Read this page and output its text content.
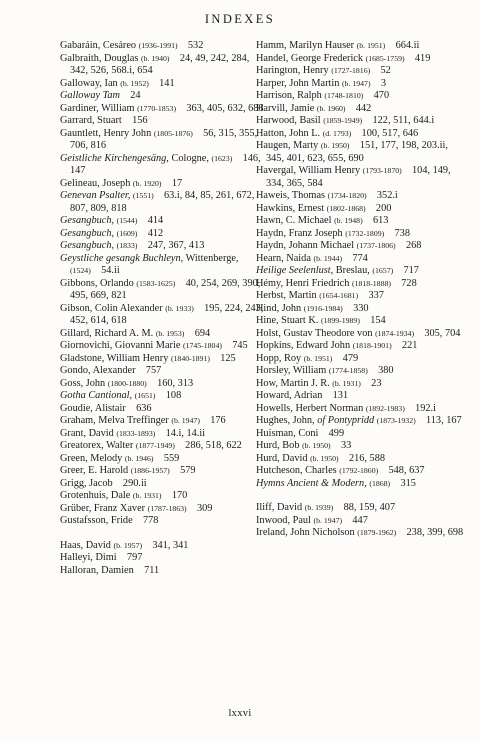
INDEXES

Gabaráin, Cesáreo (1936-1991)  532

Galbraith, Douglas (b. 1940)  24, 49, 242, 284, 342, 526, 568.i, 654

Galloway, Ian (b. 1952)  141

Galloway Tam  24

Gardiner, William (1770-1853)  363, 405, 632, 688

Garrard, Stuart  156

Gauntlett, Henry John (1805-1876)  56, 315, 355, 706, 816

Geistliche Kirchengesäng, Cologne, (1623)  146, 147

Gelineau, Joseph (b. 1920)  17

Genevan Psalter, (1551)  63.i, 84, 85, 261, 672, 807, 809, 818

Gesangbuch, (1544)  414

Gesangbuch, (1609)  412

Gesangbuch, (1833)  247, 367, 413

Geystliche gesangk Buchleyn, Wittenberge, (1524)  54.ii

Gibbons, Orlando (1583-1625)  40, 254, 269, 390, 495, 669, 821

Gibson, Colin Alexander (b. 1933)  195, 224, 243, 452, 614, 618

Gillard, Richard A. M. (b. 1953)  694

Giornovichi, Giovanni Marie (1745-1804)  745

Gladstone, William Henry (1840-1891)  125

Gondo, Alexander  757

Goss, John (1800-1880)  160, 313

Gotha Cantional, (1651)  108

Goudie, Alistair  636

Graham, Melva Treffinger (b. 1947)  176

Grant, David (1833-1893)  14.i, 14.ii

Greatorex, Walter (1877-1949)  286, 518, 622

Green, Melody (b. 1946)  559

Greer, E. Harold (1886-1957)  579

Grigg, Jacob  290.ii

Grotenhuis, Dale (b. 1931)  170

Grüber, Franz Xaver (1787-1863)  309

Gustafsson, Fride  778

Haas, David (b. 1957)  341, 341

Halleyi, Dimi  797

Halloran, Damien  711

Hamm, Marilyn Hauser (b. 1951)  664.ii

Handel, George Frederick (1685-1759)  419

Harington, Henry (1727-1816)  52

Harper, John Martin (b. 1947)  3

Harrison, Ralph (1748-1810)  470

Harvill, Jamie (b. 1960)  442

Harwood, Basil (1859-1949)  122, 511, 644.i

Hatton, John L. (d. 1793)  100, 517, 646

Haugen, Marty (b. 1950)  151, 177, 198, 203.ii, 345, 401, 623, 655, 690

Havergal, William Henry (1793-1870)  104, 149, 334, 365, 584

Haweis, Thomas (1734-1820)  352.i

Hawkins, Ernest (1802-1868)  200

Hawn, C. Michael (b. 1948)  613

Haydn, Franz Joseph (1732-1809)  738

Haydn, Johann Michael (1737-1806)  268

Hearn, Naida (b. 1944)  774

Heilige Seelenlust, Breslau, (1657)  717

Hémy, Henri Friedrich (1818-1888)  728

Herbst, Martin (1654-1681)  337

Hind, John (1916-1984)  330

Hine, Stuart K. (1899-1989)  154

Holst, Gustav Theodore von (1874-1934)  305, 704

Hopkins, Edward John (1818-1901)  221

Hopp, Roy (b. 1951)  479

Horsley, William (1774-1858)  380

How, Martin J. R. (b. 1931)  23

Howard, Adrian  131

Howells, Herbert Norman (1892-1983)  192.i

Hughes, John, of Pontypridd (1873-1932)  113, 167

Huisman, Coni  499

Hurd, Bob (b. 1950)  33

Hurd, David (b. 1950)  216, 588

Hutcheson, Charles (1792-1860)  548, 637

Hymns Ancient & Modern, (1868)  315

Iliff, David (b. 1939)  88, 159, 407

Inwood, Paul (b. 1947)  447

Ireland, John Nicholson (1879-1962)  238, 399, 698

lxxvi
